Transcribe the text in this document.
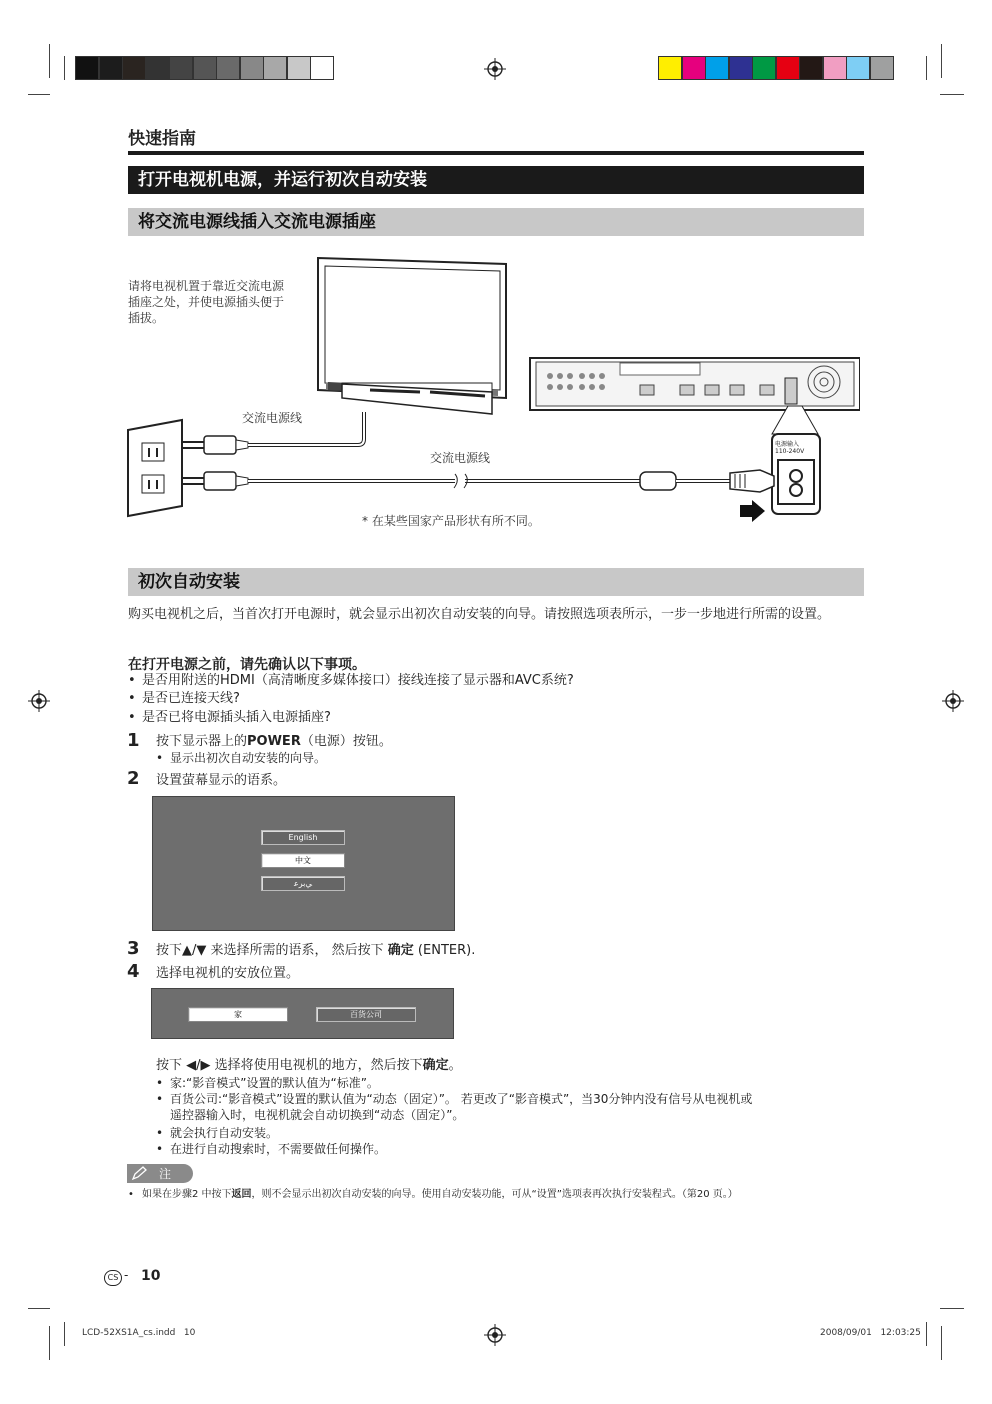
快速指南
打开电视机电源，并运行初次自动安装
将交流电源线插入交流电源插座
请将电视机置于靠近交流电源插座之处，并使电源插头便于插拔。
交流电源线
交流电源线
电源输入
110-240V
* 在某些国家产品形状有所不同。
初次自动安装
购买电视机之后，当首次打开电源时，就会显示出初次自动安装的向导。请按照选项表所示，一步一步地进行所需的设置。
在打开电源之前，请先确认以下事项。
• 是否用附送的HDMI（高清晰度多媒体接口）接线连接了显示器和AVC系统?
• 是否已连接天线?
• 是否已将电源插头插入电源插座?
1 按下显示器上的POWER（电源）按钮。
• 显示出初次自动安装的向导。
2 设置萤幕显示的语系。
English
中文
ﻲﺑﺮﻋ
3 按下▲/▼ 来选择所需的语系， 然后按下 确定 (ENTER).
4 选择电视机的安放位置。
家	百货公司
按下 ◀/▶ 选择将使用电视机的地方，然后按下确定。
• 家:“影音模式”设置的默认值为“标准”。
• 百货公司:“影音模式”设置的默认值为“动态（固定）”。 若更改了“影音模式”，当30分钟内没有信号从电视机或
遥控器输入时，电视机就会自动切换到“动态（固定）”。
• 就会执行自动安装。
• 在进行自动搜索时，不需要做任何操作。
注
• 如果在步骤2 中按下返回，则不会显示出初次自动安装的向导。使用自动安装功能，可从“设置”选项表再次执行安装程式。（第20 页。）
CS - 10
LCD-52XS1A_cs.indd   10	2008/09/01   12:03:25
